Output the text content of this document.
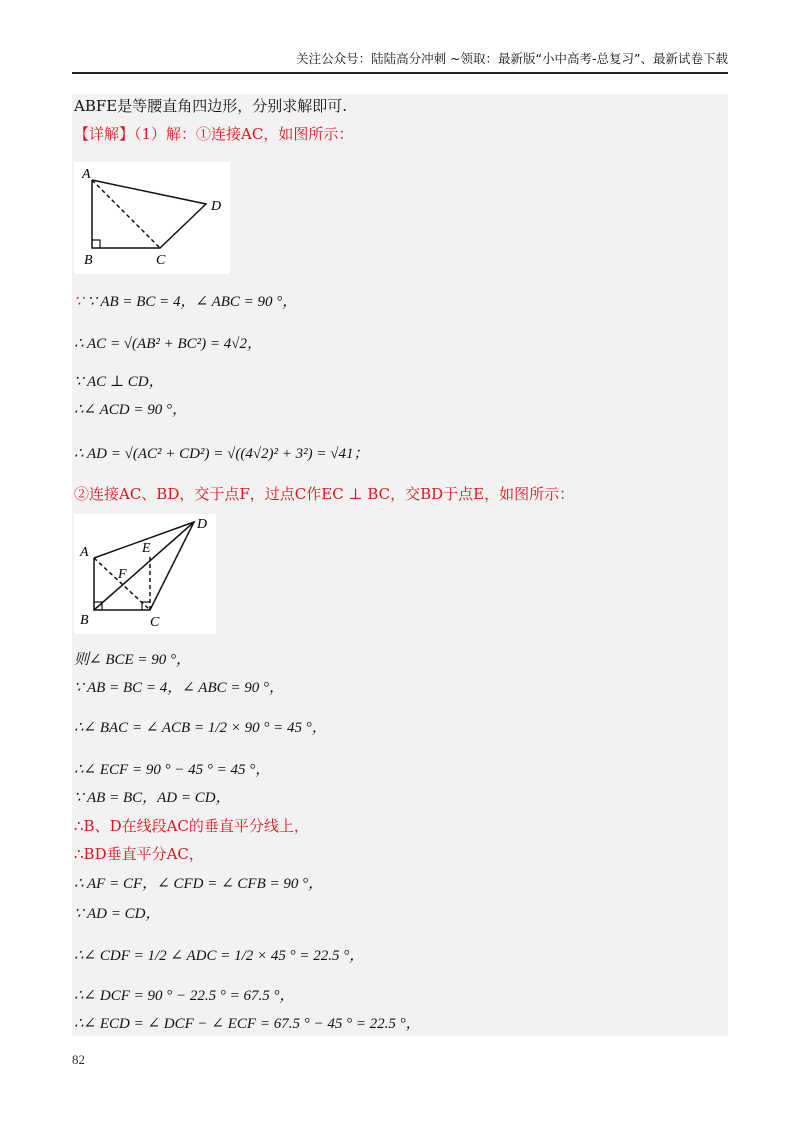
关注公众号：陆陆高分冲刺 ~领取：最新版“小中高考-总复习”、最新试卷下载
ABFE是等腰直角四边形，分别求解即可.
【详解】（1）解：①连接AC，如图所示：
A
B	C
D
∵ ∵ AB = BC = 4，∠ ABC = 90 °，
∴ AC = √(AB² + BC²) = 4√2，
∵ AC ⊥ CD，
∴∠ ACD = 90 °，
∴ AD = √(AC² + CD²) = √((4√2)² + 3²) = √41；
②连接AC、BD，交于点F，过点C作EC ⊥ BC，交BD于点E，如图所示：
A
B	C
D
E
F
则∠ BCE = 90 °，
∵ AB = BC = 4，∠ ABC = 90 °，
∴∠ BAC = ∠ ACB = 1/2 × 90 ° = 45 °，
∴∠ ECF = 90 ° − 45 ° = 45 °，
∵ AB = BC，AD = CD，
∴B、D在线段AC的垂直平分线上，
∴BD垂直平分AC，
∴ AF = CF，∠ CFD = ∠ CFB = 90 °，
∵ AD = CD，
∴∠ CDF = 1/2 ∠ ADC = 1/2 × 45 ° = 22.5 °，
∴∠ DCF = 90 ° − 22.5 ° = 67.5 °，
∴∠ ECD = ∠ DCF − ∠ ECF = 67.5 ° − 45 ° = 22.5 °，
82
